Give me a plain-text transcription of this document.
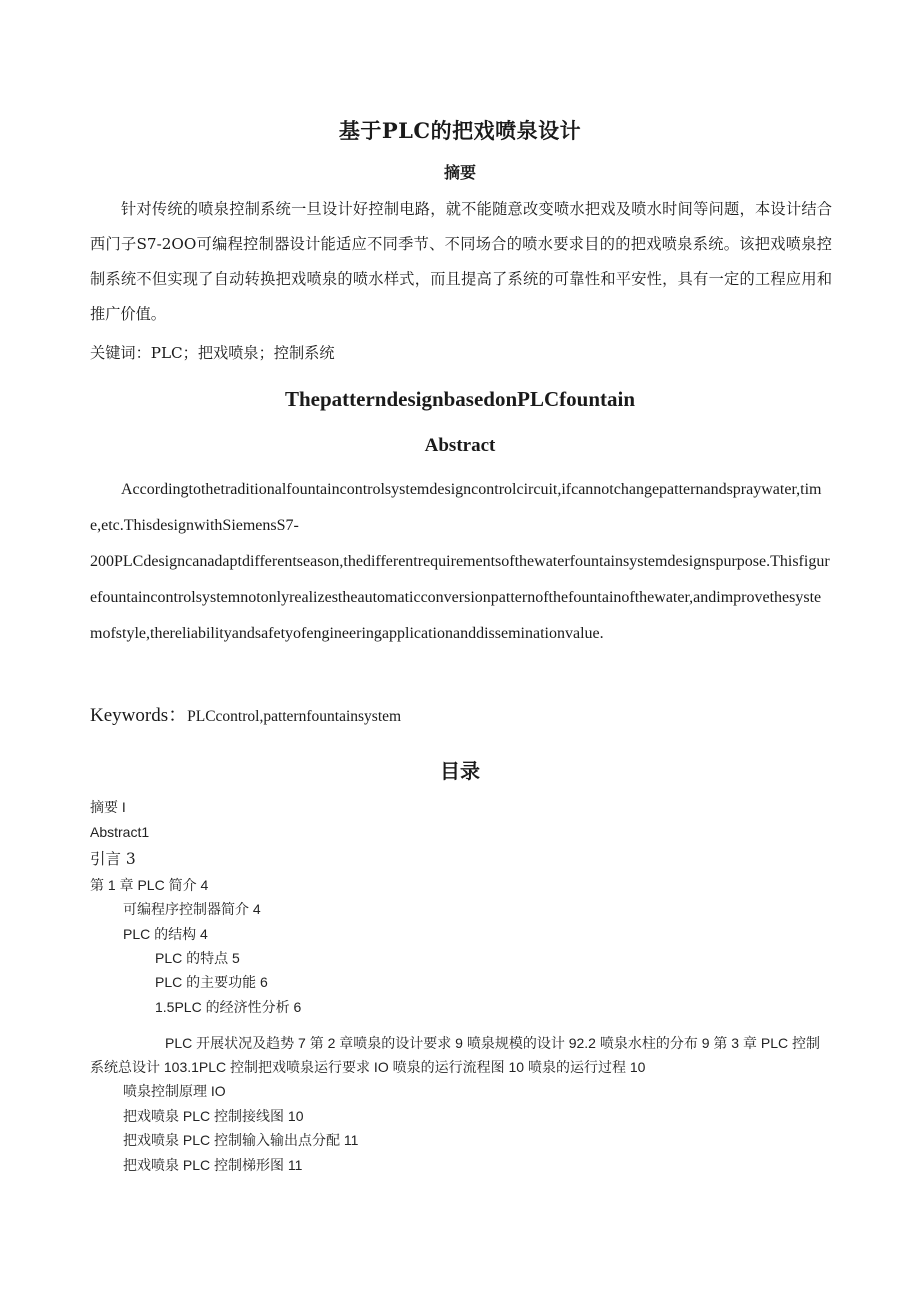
基于PLC的把戏喷泉设计
摘要

针对传统的喷泉控制系统一旦设计好控制电路，就不能随意改变喷水把戏及喷水时间等问题，本设计结合西门子S7-2OO可编程控制器设计能适应不同季节、不同场合的喷水要求目的的把戏喷泉系统。该把戏喷泉控制系统不但实现了自动转换把戏喷泉的喷水样式，而且提高了系统的可靠性和平安性，具有一定的工程应用和推广价值。

关键词：PLC；把戏喷泉；控制系统

ThepatterndesignbasedonPLCfountain
Abstract

Accordingtothetraditionalfountaincontrolsystemdesigncontrolcircuit,ifcannotchangepatternandspraywater,time,etc.ThisdesignwithSiemensS7-
200PLCdesigncanadaptdifferentseason,thedifferentrequirementsofthewaterfountainsystemdesignspurpose.Thisfigurefountaincontrolsystemnotonlyrealizestheautomaticconversionpatternofthefountainofthewater,andimprovethesystemofstyle,thereliabilityandsafetyofengineeringapplicationanddisseminationvalue.

Keywords：PLCcontrol,patternfountainsystem

目录

摘要 I

Abstract1

引言 3

第 1 章 PLC 简介 4

可编程序控制器简介 4

PLC 的结构 4

PLC 的特点 5

PLC 的主要功能 6

1.5PLC 的经济性分析 6

PLC 开展状况及趋势 7 第 2 章喷泉的设计要求 9 喷泉规模的设计 92.2 喷泉水柱的分布 9 第 3 章 PLC 控制系统总设计 103.1PLC 控制把戏喷泉运行要求 IO 喷泉的运行流程图 10 喷泉的运行过程 10

喷泉控制原理 IO

把戏喷泉 PLC 控制接线图 10

把戏喷泉 PLC 控制输入输出点分配 11

把戏喷泉 PLC 控制梯形图 11
